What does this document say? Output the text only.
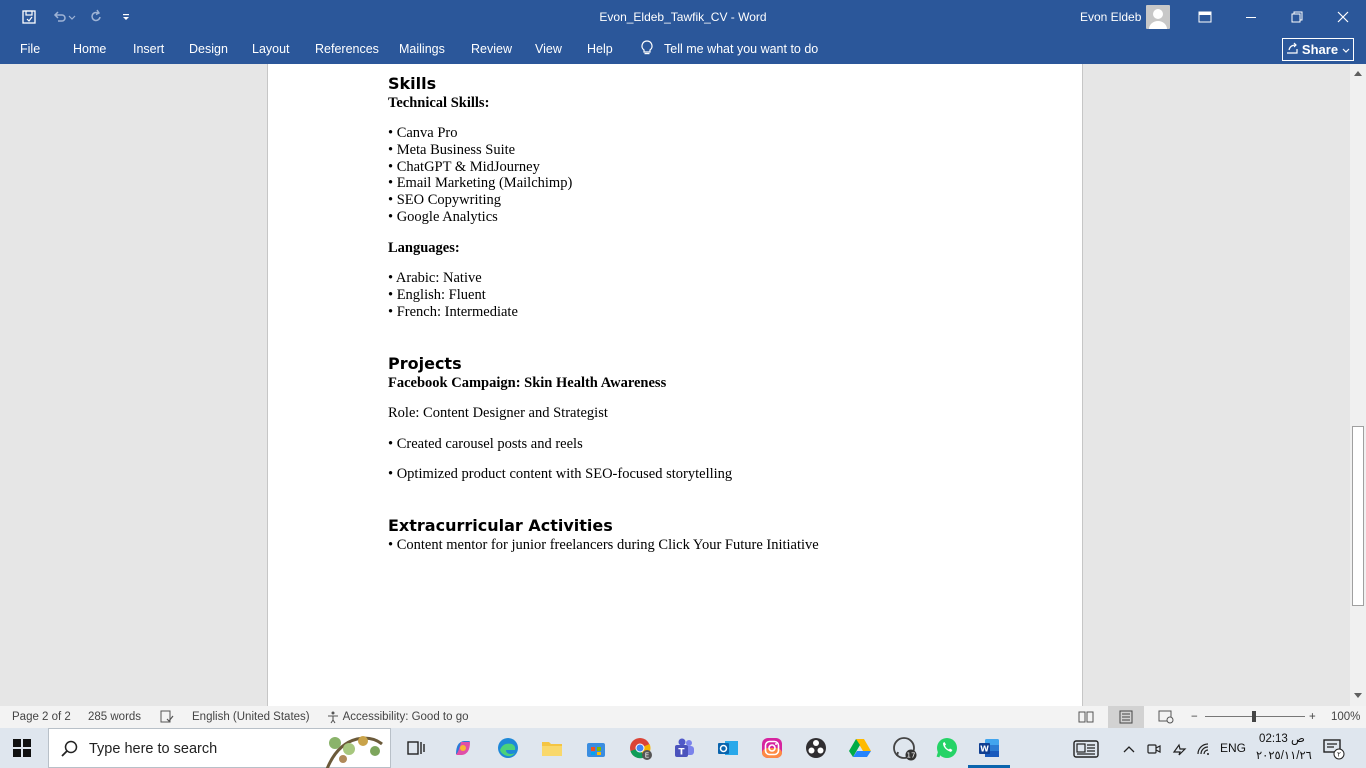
Evon_Eldeb_Tawfik_CV - Word	Evon Eldeb
File	Home Insert Design Layout References Mailings Review View Help	Tell me what you want to do	Share
Skills
Technical Skills:
• Canva Pro
• Meta Business Suite
• ChatGPT & MidJourney
• Email Marketing (Mailchimp)
• SEO Copywriting
• Google Analytics
Languages:
• Arabic: Native
• English: Fluent
• French: Intermediate
Projects
Facebook Campaign: Skin Health Awareness
Role: Content Designer and Strategist
• Created carousel posts and reels
• Optimized product content with SEO-focused storytelling
Extracurricular Activities
• Content mentor for junior freelancers during Click Your Future Initiative
Page 2 of 2 285 words	English (United States)	Accessibility: Good to go	−	+ 100%
Type here to search	E	T	17
W	ENG
ص 02:13
٢٠٢٥/١١/٢٦	٢
